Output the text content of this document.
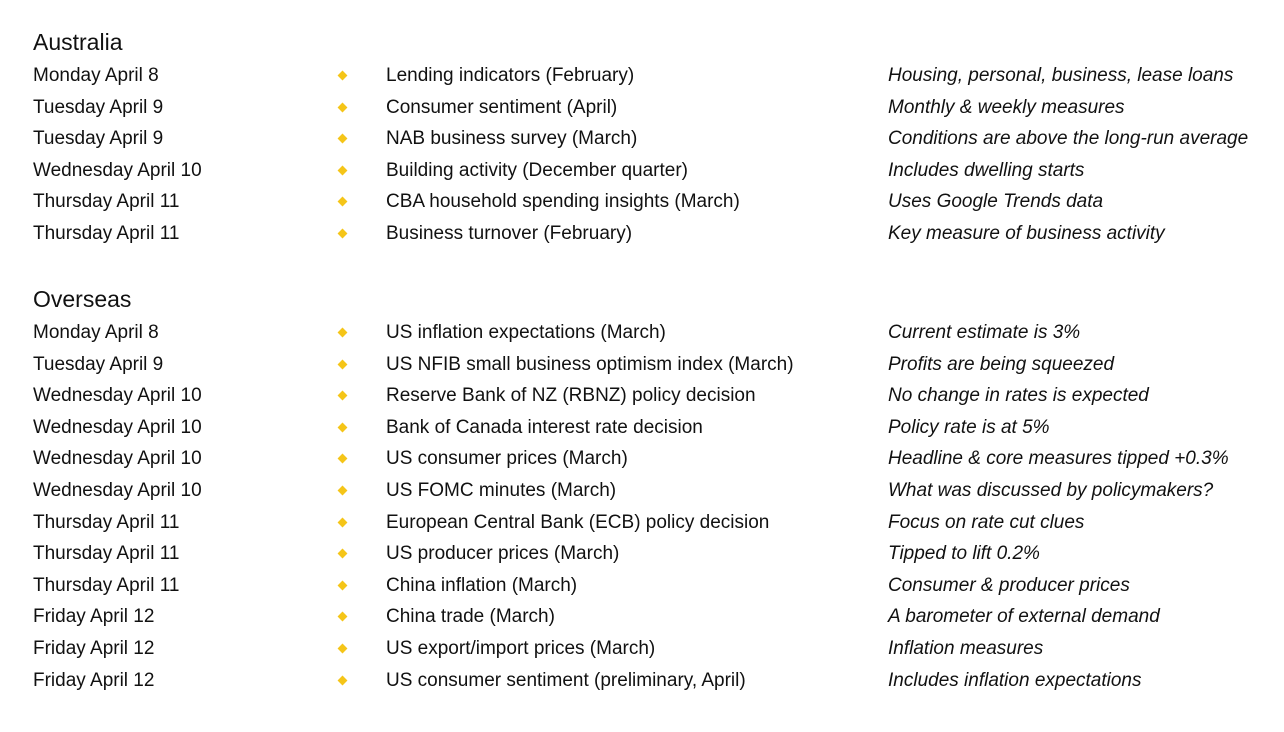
Australia
Monday April 8	Lending indicators (February)	Housing, personal, business, lease loans
Tuesday April 9	Consumer sentiment (April)	Monthly & weekly measures
Tuesday April 9	NAB business survey (March)	Conditions are above the long-run average
Wednesday April 10	Building activity (December quarter)	Includes dwelling starts
Thursday April 11	CBA household spending insights (March)	Uses Google Trends data
Thursday April 11	Business turnover (February)	Key measure of business activity
Overseas
Monday April 8	US inflation expectations (March)	Current estimate is 3%
Tuesday April 9	US NFIB small business optimism index (March)	Profits are being squeezed
Wednesday April 10	Reserve Bank of NZ (RBNZ) policy decision	No change in rates is expected
Wednesday April 10	Bank of Canada interest rate decision	Policy rate is at 5%
Wednesday April 10	US consumer prices (March)	Headline & core measures tipped +0.3%
Wednesday April 10	US FOMC minutes (March)	What was discussed by policymakers?
Thursday April 11	European Central Bank (ECB) policy decision	Focus on rate cut clues
Thursday April 11	US producer prices (March)	Tipped to lift 0.2%
Thursday April 11	China inflation (March)	Consumer & producer prices
Friday April 12	China trade (March)	A barometer of external demand
Friday April 12	US export/import prices (March)	Inflation measures
Friday April 12	US consumer sentiment (preliminary, April)	Includes inflation expectations
